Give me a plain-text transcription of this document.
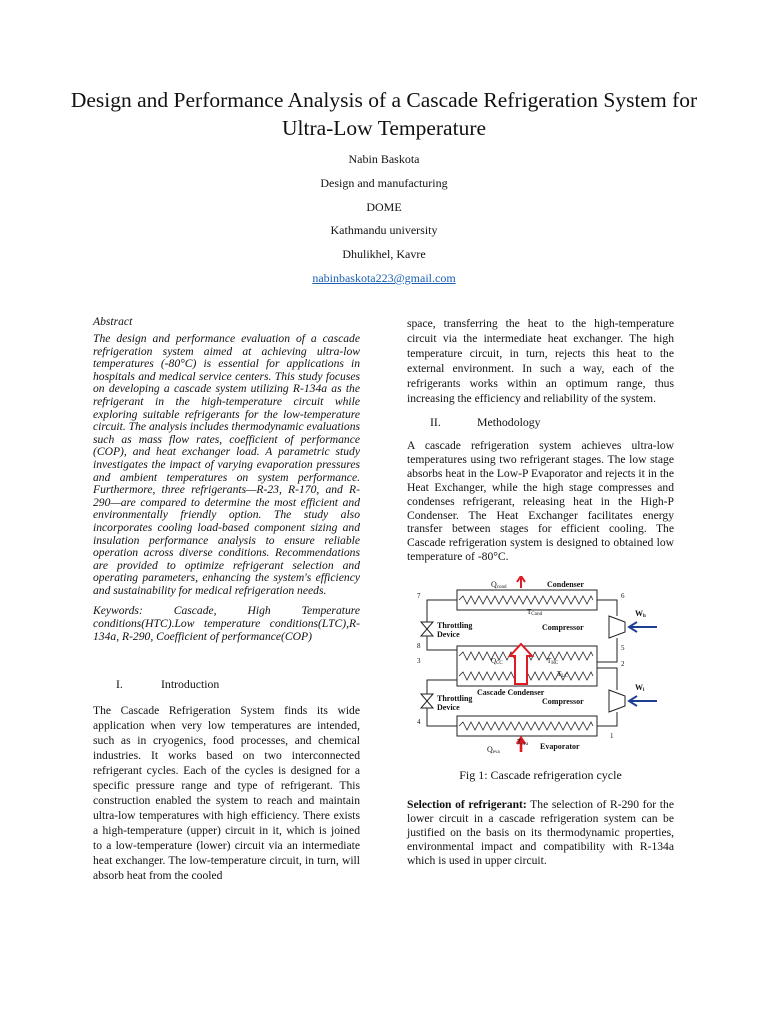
Design and Performance Analysis of a Cascade Refrigeration System for Ultra-Low Temperature
Nabin Baskota
Design and manufacturing
DOME
Kathmandu university
Dhulikhel, Kavre
nabinbaskota223@gmail.com

Abstract

The design and performance evaluation of a cascade refrigeration system aimed at achieving ultra-low temperatures (-80°C) is essential for applications in hospitals and medical service centers. This study focuses on developing a cascade system utilizing R-134a as the refrigerant in the high-temperature circuit while exploring suitable refrigerants for the low-temperature circuit. The analysis includes thermodynamic evaluations such as mass flow rates, coefficient of performance (COP), and heat exchanger load. A parametric study investigates the impact of varying evaporation pressures and ambient temperatures on system performance. Furthermore, three refrigerants—R-23, R-170, and R-290—are compared to determine the most efficient and environmentally friendly option. The study also incorporates cooling load-based component sizing and insulation performance analysis to ensure reliable operation across diverse conditions. Recommendations are provided to optimize refrigerant selection and operating parameters, enhancing the system's efficiency and sustainability for medical refrigeration needs.

Keywords: Cascade, High Temperature conditions(HTC).Low temperature conditions(LTC),R-134a, R-290, Coefficient of performance(COP)

I.	Introduction

The Cascade Refrigeration System finds its wide application when very low temperatures are intended, such as in cryogenics, food processes, and chemical industries. It works based on two interconnected refrigerant cycles. Each of the cycles is designed for a specific pressure range and type of refrigerant. This construction enabled the system to reach and maintain ultra-low temperatures with high efficiency. There exists a high-temperature (upper) circuit in it, which is joined to a low-temperature (lower) circuit via an intermediate heat exchanger. The low-temperature circuit, in turn, will absorb heat from the cooled

space, transferring the heat to the high-temperature circuit via the intermediate heat exchanger. The high temperature circuit, in turn, rejects this heat to the external environment. In such a way, each of the refrigerants works within an optimum range, thus increasing the efficiency and reliability of the system.

II.	Methodology

A cascade refrigeration system achieves ultra-low temperatures using two refrigerant stages. The low stage absorbs heat in the Low-P Evaporator and rejects it in the Heat Exchanger, while the high stage compresses and condenses refrigerant, releasing heat in the High-P Condenser. The Heat Exchanger facilitates energy transfer between stages for efficient cooling. The Cascade refrigeration system is designed to obtained low temperature of -80°C.

Qcond	Condenser
TCond
Compressor
Wh
Throttling
Device
QCC	THC
TLC
Cascade Condenser
Wl
Throttling
Device
Compressor
Teva
Qeva
Evaporator
7
8
3
4
6
5
2
1

Fig 1: Cascade refrigeration cycle

Selection of refrigerant: The selection of R-290 for the lower circuit in a cascade refrigeration system can be justified on the basis on its thermodynamic properties, environmental impact and compatibility with R-134a which is used in upper circuit.
